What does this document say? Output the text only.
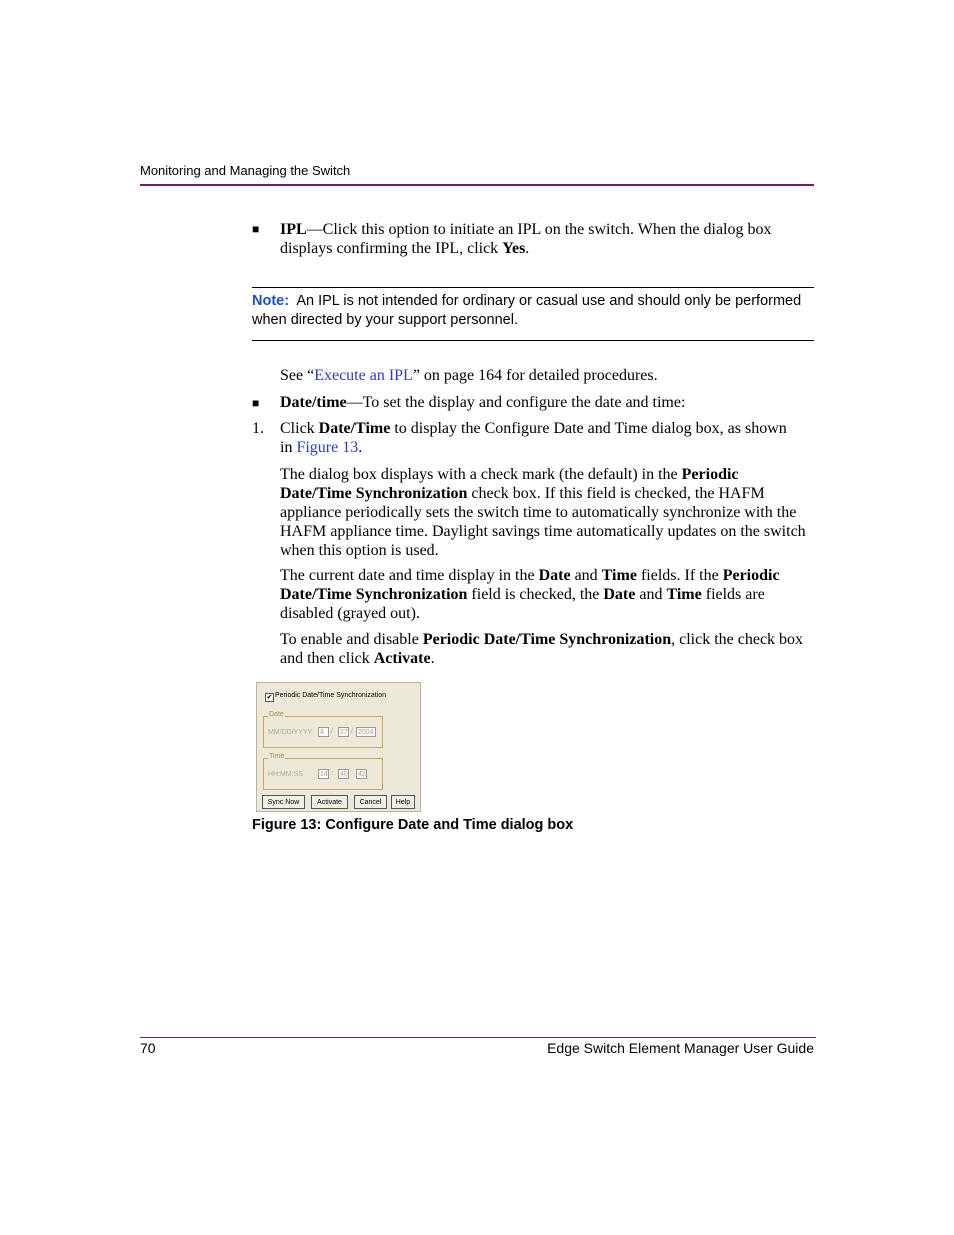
Monitoring and Managing the Switch
■ IPL—Click this option to initiate an IPL on the switch. When the dialog box displays confirming the IPL, click Yes.
Note: An IPL is not intended for ordinary or casual use and should only be performed when directed by your support personnel.
See “Execute an IPL” on page 164 for detailed procedures.
■ Date/time—To set the display and configure the date and time:
1. Click Date/Time to display the Configure Date and Time dialog box, as shown in Figure 13.
The dialog box displays with a check mark (the default) in the Periodic Date/Time Synchronization check box. If this field is checked, the HAFM appliance periodically sets the switch time to automatically synchronize with the HAFM appliance time. Daylight savings time automatically updates on the switch when this option is used.
The current date and time display in the Date and Time fields. If the Periodic Date/Time Synchronization field is checked, the Date and Time fields are disabled (grayed out).
To enable and disable Periodic Date/Time Synchronization, click the check box and then click Activate.
✔ Periodic Date/Time Synchronization
Date
MM/DD/YYYY 4	/ 27 / 2004
Time
HH:MM:SS 14 : 40 : 42
Sync Now	Activate	Cancel	Help
Figure 13: Configure Date and Time dialog box
70	Edge Switch Element Manager User Guide
